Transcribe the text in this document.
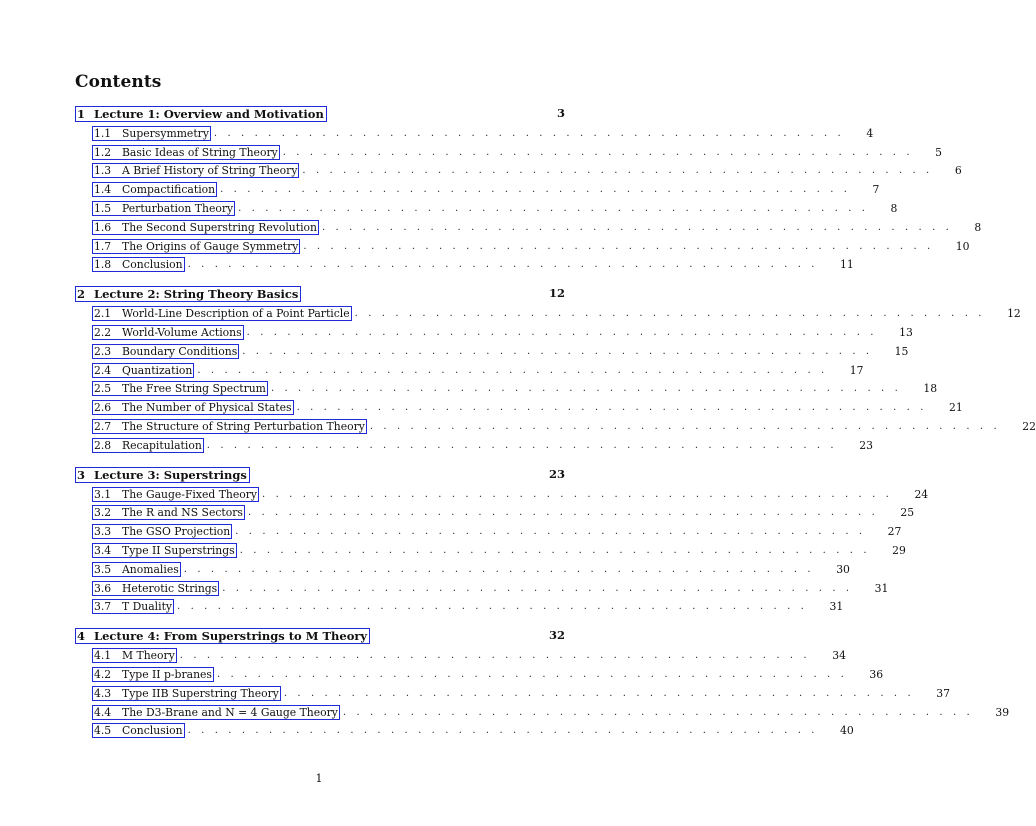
Contents
1 Lecture 1: Overview and Motivation	3
1.1 Supersymmetry . . . . . . . . . . . . . . . . . . . . . . . . . . . . . . . . . . . . . . . . . . . . . . . 4
1.2 Basic Ideas of String Theory . . . . . . . . . . . . . . . . . . . . . . . . . . . . . . . . . . . . . . . . . . . . . . . 5
1.3 A Brief History of String Theory . . . . . . . . . . . . . . . . . . . . . . . . . . . . . . . . . . . . . . . . . . . . . . . 6
1.4 Compactification . . . . . . . . . . . . . . . . . . . . . . . . . . . . . . . . . . . . . . . . . . . . . . . 7
1.5 Perturbation Theory . . . . . . . . . . . . . . . . . . . . . . . . . . . . . . . . . . . . . . . . . . . . . . . 8
1.6 The Second Superstring Revolution . . . . . . . . . . . . . . . . . . . . . . . . . . . . . . . . . . . . . . . . . . . . . . . 8
1.7 The Origins of Gauge Symmetry . . . . . . . . . . . . . . . . . . . . . . . . . . . . . . . . . . . . . . . . . . . . . . . 10
1.8 Conclusion . . . . . . . . . . . . . . . . . . . . . . . . . . . . . . . . . . . . . . . . . . . . . . . 11
2 Lecture 2: String Theory Basics	12
2.1 World-Line Description of a Point Particle . . . . . . . . . . . . . . . . . . . . . . . . . . . . . . . . . . . . . . . . . . . . . . . 12
2.2 World-Volume Actions . . . . . . . . . . . . . . . . . . . . . . . . . . . . . . . . . . . . . . . . . . . . . . . 13
2.3 Boundary Conditions . . . . . . . . . . . . . . . . . . . . . . . . . . . . . . . . . . . . . . . . . . . . . . . 15
2.4 Quantization . . . . . . . . . . . . . . . . . . . . . . . . . . . . . . . . . . . . . . . . . . . . . . . 17
2.5 The Free String Spectrum . . . . . . . . . . . . . . . . . . . . . . . . . . . . . . . . . . . . . . . . . . . . . . . 18
2.6 The Number of Physical States . . . . . . . . . . . . . . . . . . . . . . . . . . . . . . . . . . . . . . . . . . . . . . . 21
2.7 The Structure of String Perturbation Theory . . . . . . . . . . . . . . . . . . . . . . . . . . . . . . . . . . . . . . . . . . . . . . . 22
2.8 Recapitulation . . . . . . . . . . . . . . . . . . . . . . . . . . . . . . . . . . . . . . . . . . . . . . . 23
3 Lecture 3: Superstrings	23
3.1 The Gauge-Fixed Theory . . . . . . . . . . . . . . . . . . . . . . . . . . . . . . . . . . . . . . . . . . . . . . . 24
3.2 The R and NS Sectors . . . . . . . . . . . . . . . . . . . . . . . . . . . . . . . . . . . . . . . . . . . . . . . 25
3.3 The GSO Projection . . . . . . . . . . . . . . . . . . . . . . . . . . . . . . . . . . . . . . . . . . . . . . . 27
3.4 Type II Superstrings . . . . . . . . . . . . . . . . . . . . . . . . . . . . . . . . . . . . . . . . . . . . . . . 29
3.5 Anomalies . . . . . . . . . . . . . . . . . . . . . . . . . . . . . . . . . . . . . . . . . . . . . . . 30
3.6 Heterotic Strings . . . . . . . . . . . . . . . . . . . . . . . . . . . . . . . . . . . . . . . . . . . . . . . 31
3.7 T Duality . . . . . . . . . . . . . . . . . . . . . . . . . . . . . . . . . . . . . . . . . . . . . . . 31
4 Lecture 4: From Superstrings to M Theory	32
4.1 M Theory . . . . . . . . . . . . . . . . . . . . . . . . . . . . . . . . . . . . . . . . . . . . . . . 34
4.2 Type II p-branes . . . . . . . . . . . . . . . . . . . . . . . . . . . . . . . . . . . . . . . . . . . . . . . 36
4.3 Type IIB Superstring Theory . . . . . . . . . . . . . . . . . . . . . . . . . . . . . . . . . . . . . . . . . . . . . . . 37
4.4 The D3-Brane and N = 4 Gauge Theory . . . . . . . . . . . . . . . . . . . . . . . . . . . . . . . . . . . . . . . . . . . . . . . 39
4.5 Conclusion . . . . . . . . . . . . . . . . . . . . . . . . . . . . . . . . . . . . . . . . . . . . . . . 40
1
